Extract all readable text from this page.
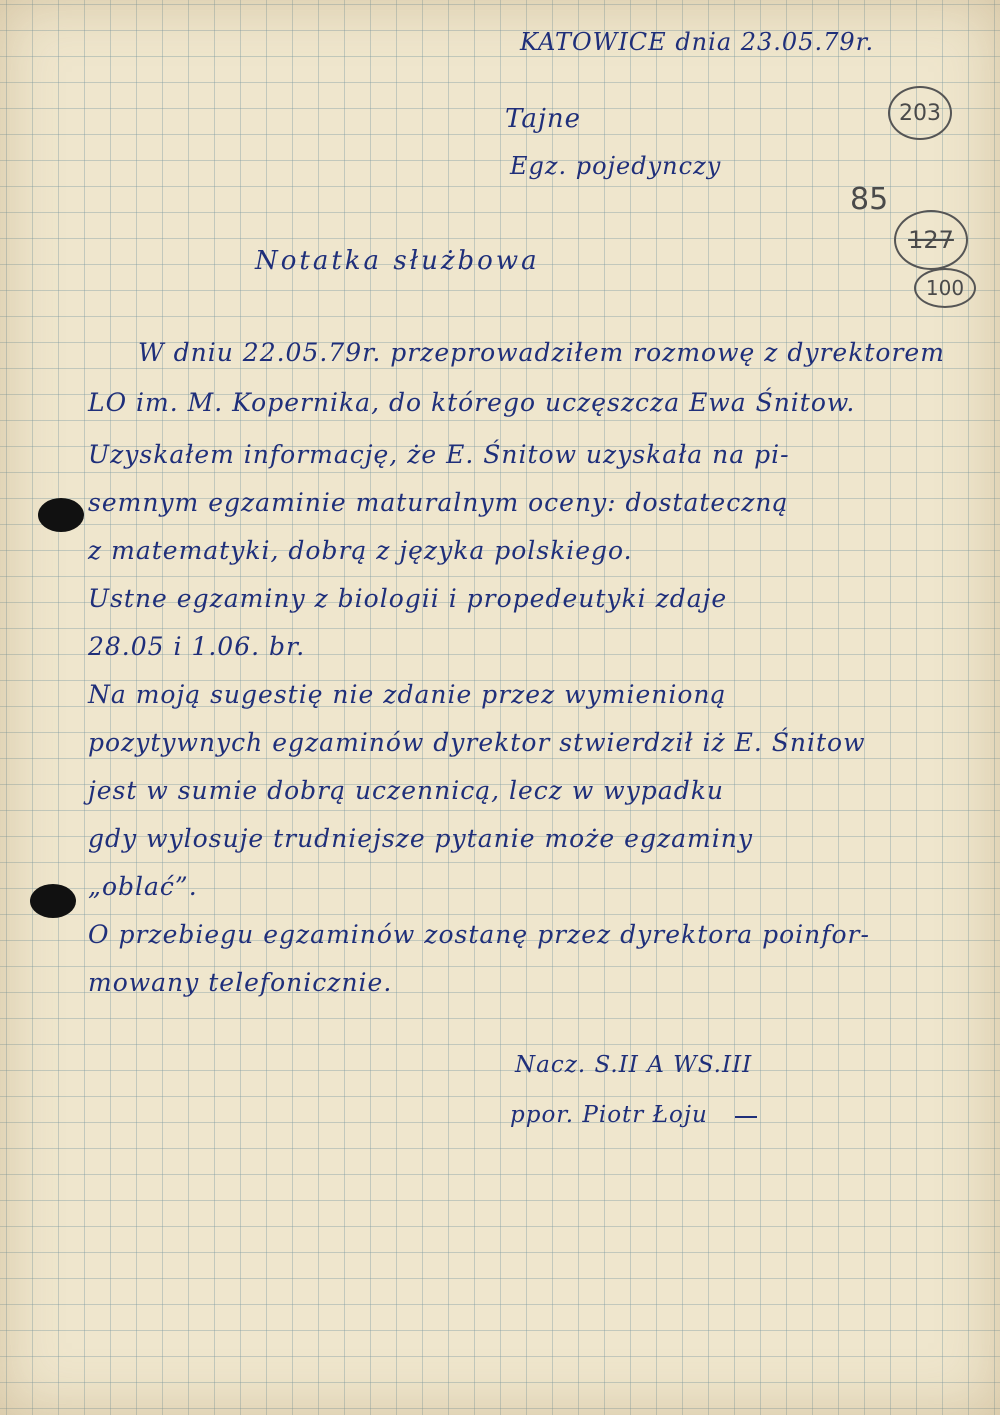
KATOWICE dnia 23.05.79r.
Tajne
Egz. pojedynczy
203
85
127
100
Notatka służbowa
W dniu 22.05.79r. przeprowadziłem rozmowę z dyrektorem
LO im. M. Kopernika, do którego uczęszcza Ewa Śnitow.
Uzyskałem informację, że E. Śnitow uzyskała na pi-
semnym egzaminie maturalnym oceny: dostateczną
z matematyki, dobrą z języka polskiego.
Ustne egzaminy z biologii i propedeutyki zdaje
28.05 i 1.06. br.
Na moją sugestię nie zdanie przez wymienioną
pozytywnych egzaminów dyrektor stwierdził iż E. Śnitow
jest w sumie dobrą uczennicą, lecz w wypadku
gdy wylosuje trudniejsze pytanie może egzaminy
„oblać”.
O przebiegu egzaminów zostanę przez dyrektora poinfor-
mowany telefonicznie.
Nacz. S.II A WS.III
ppor. Piotr Łoju
